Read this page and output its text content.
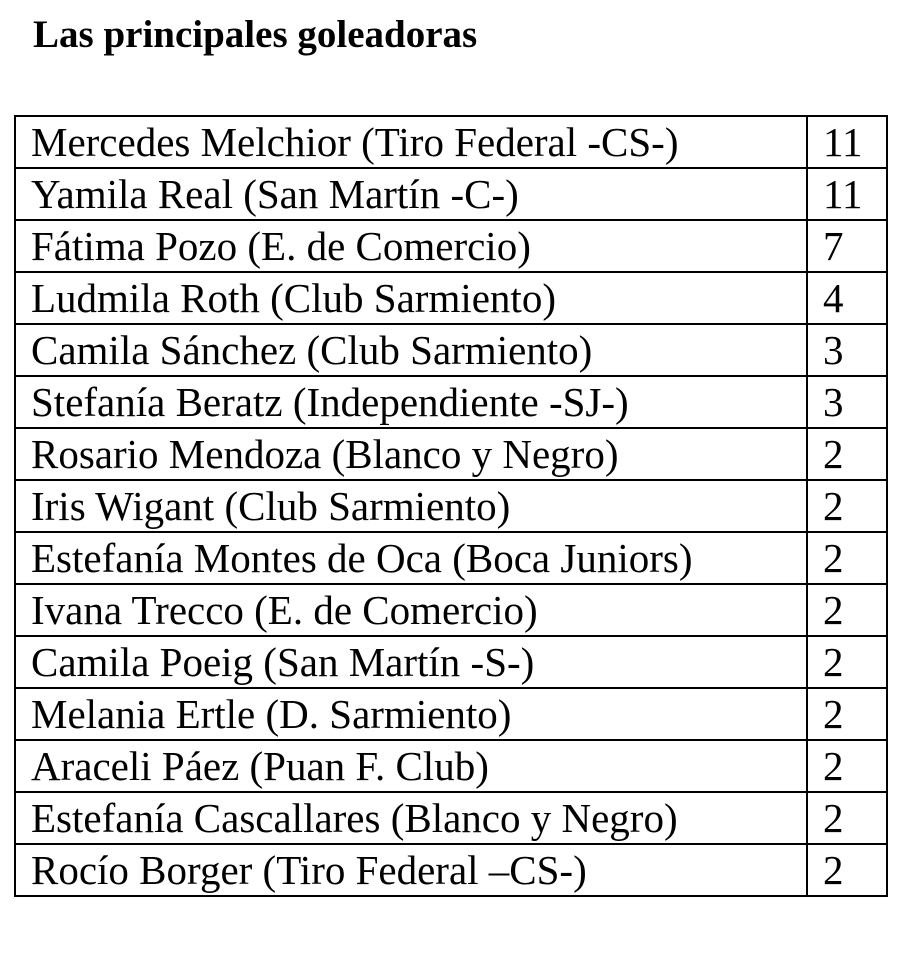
Las principales goleadoras
Mercedes Melchior (Tiro Federal -CS-)	11
Yamila Real (San Martín -C-)	11
Fátima Pozo (E. de Comercio)	7
Ludmila Roth (Club Sarmiento)	4
Camila Sánchez (Club Sarmiento)	3
Stefanía Beratz (Independiente -SJ-)	3
Rosario Mendoza (Blanco y Negro)	2
Iris Wigant (Club Sarmiento)	2
Estefanía Montes de Oca (Boca Juniors)	2
Ivana Trecco (E. de Comercio)	2
Camila Poeig (San Martín -S-)	2
Melania Ertle (D. Sarmiento)	2
Araceli Páez (Puan F. Club)	2
Estefanía Cascallares (Blanco y Negro)	2
Rocío Borger (Tiro Federal –CS-)	2
